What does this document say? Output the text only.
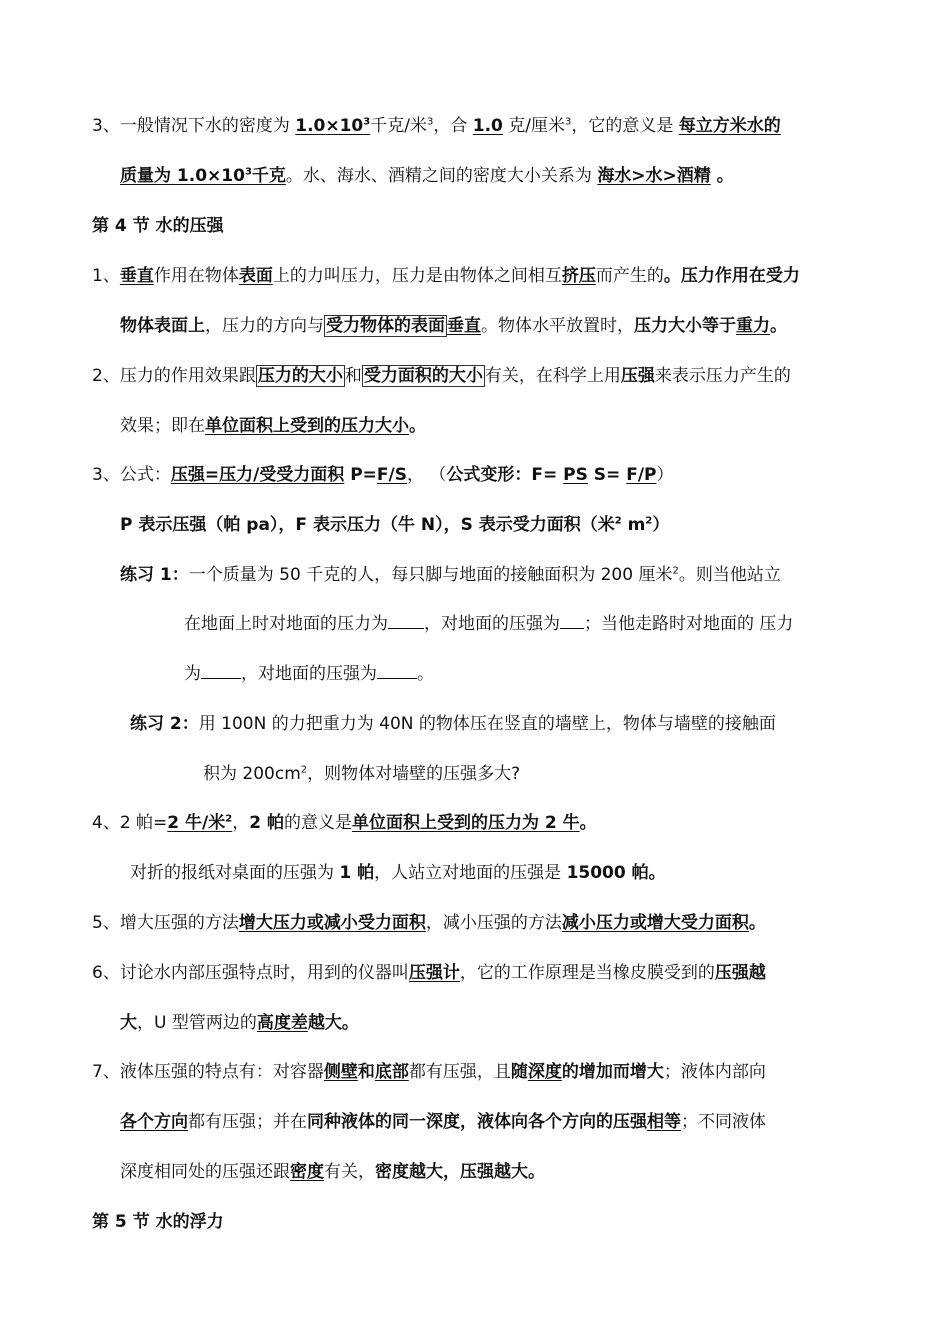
3、一般情况下水的密度为 $1.0\times 10^3$千克/米$^3$，合 1.0 克/厘米$^3$，它的意义是 每立方米水的
质量为 $1.0\times 10^3$千克。水、海水、酒精之间的密度大小关系为 海水>水>酒精 。
第 4 节 水的压强
1、垂直作用在物体表面上的力叫压力，压力是由物体之间相互挤压而产生的。压力作用在受力
物体表面上，压力的方向与 受力物体的表面 垂直。物体水平放置时，压力大小等于重力。
2、压力的作用效果跟 压力的大小 和 受力面积的大小 有关，在科学上用压强来表示压力产生的
效果；即在单位面积上受到的压力大小。
3、公式：压强=压力/受受力面积 P=F/S， （公式变形：F= PS S= F/P）
P 表示压强（帕 pa），F 表示压力（牛 N），S 表示受力面积（米$^2$ $m^2$）
练习 1：一个质量为 50 千克的人，每只脚与地面的接触面积为 200 厘米$^2$。则当他站立
在地面上时对地面的压力为 ，对地面的压强为 ；当他走路时对地面的 压力
为 ，对地面的压强为 。
练习 2：用 100N 的力把重力为 40N 的物体压在竖直的墙壁上，物体与墙壁的接触面
积为 $200cm^2$，则物体对墙壁的压强多大?
4、2 帕=2 牛/米$^2$，2 帕的意义是单位面积上受到的压力为 2 牛。
对折的报纸对桌面的压强为 1 帕，人站立对地面的压强是 15000 帕。
5、增大压强的方法增大压力或减小受力面积，减小压强的方法减小压力或增大受力面积。
6、讨论水内部压强特点时，用到的仪器叫压强计，它的工作原理是当橡皮膜受到的压强越
大，U 型管两边的高度差越大。
7、液体压强的特点有：对容器侧壁和底部都有压强，且随深度的增加而增大；液体内部向
各个方向都有压强；并在同种液体的同一深度，液体向各个方向的压强相等；不同液体
深度相同处的压强还跟密度有关，密度越大，压强越大。
第 5 节 水的浮力
